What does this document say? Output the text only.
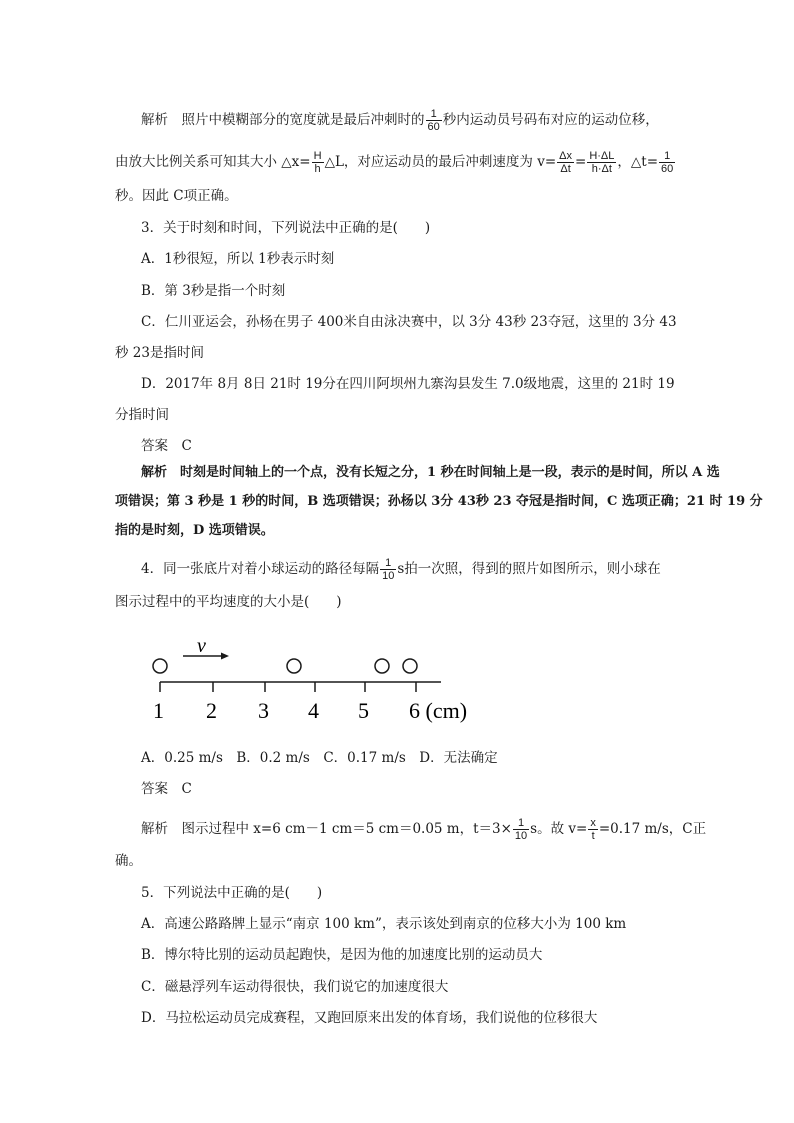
解析　照片中模糊部分的宽度就是最后冲刺时的 $\frac{1}{60}$ 秒内运动员号码布对应的运动位移，
由放大比例关系可知其大小 △x= $\frac{H}{h}$ △L，对应运动员的最后冲刺速度为 $v= \frac{\Delta x}{\Delta t} = \frac{H\cdot\Delta L}{h\cdot\Delta t}$ ，△t= $\frac{1}{60}$
秒。因此 C项正确。
3．关于时刻和时间，下列说法中正确的是(　　)
A．1秒很短，所以 1秒表示时刻
B．第 3秒是指一个时刻
C．仁川亚运会，孙杨在男子 400米自由泳决赛中，以 3分 43秒 23夺冠，这里的 3分 43
秒 23是指时间
D．2017年 8月 8日 21时 19分在四川阿坝州九寨沟县发生 7.0级地震，这里的 21时 19
分指时间
答案　C
解析　时刻是时间轴上的一个点，没有长短之分，1 秒在时间轴上是一段，表示的是时间，所以 A 选
项错误；第 3 秒是 1 秒的时间，B 选项错误；孙杨以 3分 43秒 23 夺冠是指时间，C 选项正确；21 时 19 分
指的是时刻，D 选项错误。
4．同一张底片对着小球运动的路径每隔 $\frac{1}{10}$ s拍一次照，得到的照片如图所示，则小球在
图示过程中的平均速度的大小是(　　)
v
1 2 3 4 5 6 (cm)
A．0.25 m/s　B．0.2 m/s　C．0.17 m/s　D．无法确定
答案　C
解析　图示过程中 x=6 cm－1 cm＝5 cm＝0.05 m，$t=3\times \frac{1}{10}$ s。故 $v= \frac{x}{t} =0.17$ m/s，C正
确。
5．下列说法中正确的是(　　)
A．高速公路路牌上显示“南京 100 km”，表示该处到南京的位移大小为 100 km
B．博尔特比别的运动员起跑快，是因为他的加速度比别的运动员大
C．磁悬浮列车运动得很快，我们说它的加速度很大
D．马拉松运动员完成赛程，又跑回原来出发的体育场，我们说他的位移很大
